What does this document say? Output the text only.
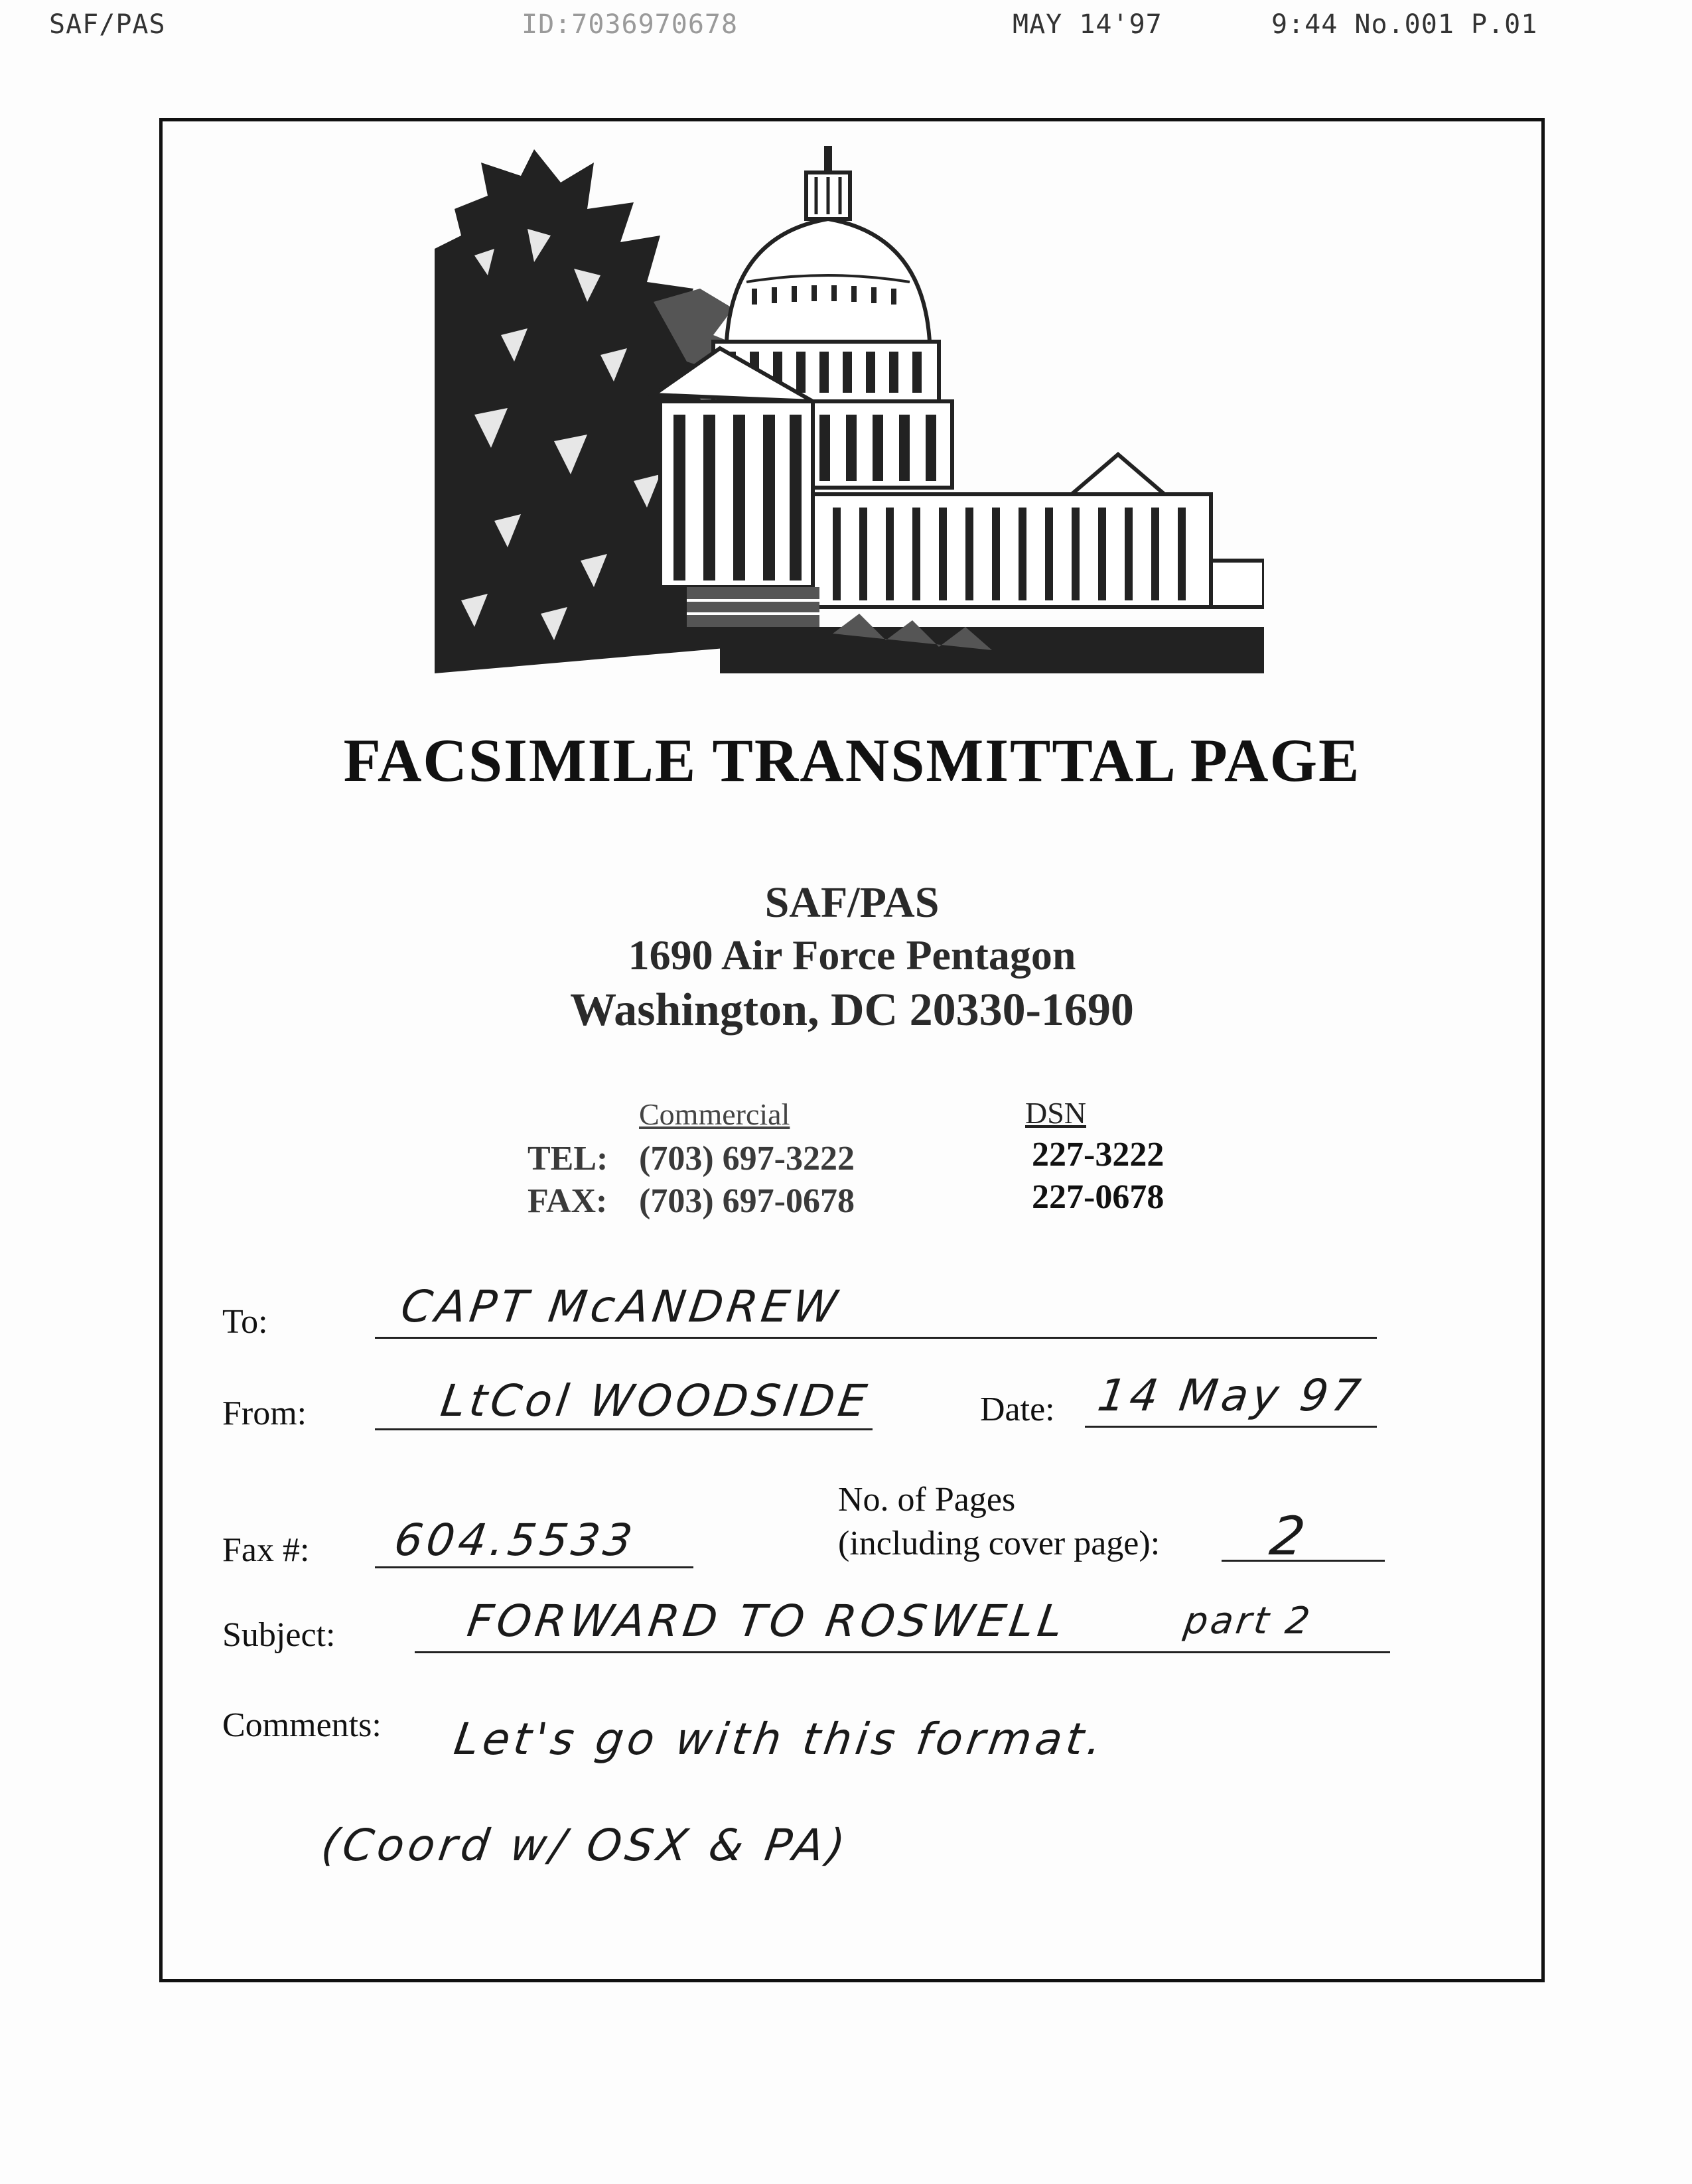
SAF/PAS	ID:7036970678	MAY 14'97	9:44 No.001 P.01
FACSIMILE TRANSMITTAL PAGE
SAF/PAS
1690 Air Force Pentagon
Washington, DC 20330-1690
Commercial	DSN
TEL: (703) 697-3222	227-3222
FAX: (703) 697-0678	227-0678
To:	CAPT McANDREW
From:	LtCol WOODSIDE	Date: 14 May 97
Fax #: 604.5533
No. of Pages
(including cover page): 2
Subject:	FORWARD TO ROSWELL	part 2
Comments: Let's go with this format.
(Coord w/ OSX & PA)
